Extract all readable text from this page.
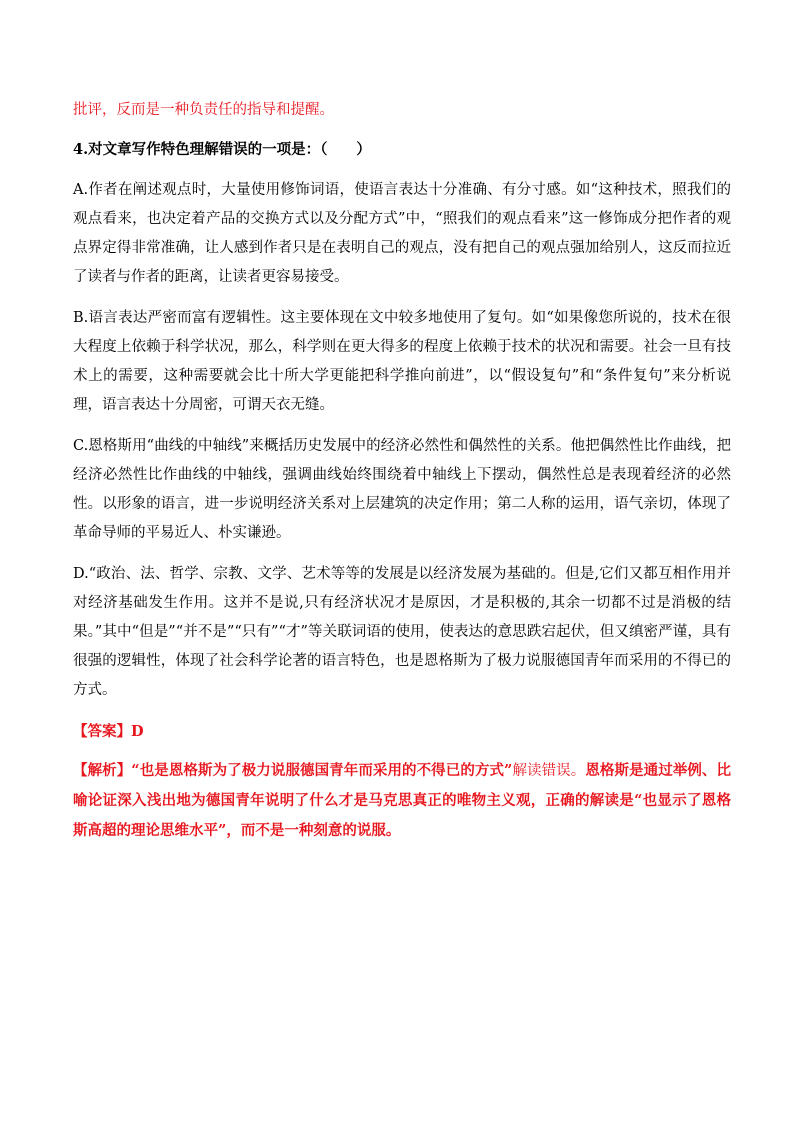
批评，反而是一种负责任的指导和提醒。

4.对文章写作特色理解错误的一项是：（　　）

A.作者在阐述观点时，大量使用修饰词语，使语言表达十分准确、有分寸感。如“这种技术，照我们的观点看来，也决定着产品的交换方式以及分配方式”中，“照我们的观点看来”这一修饰成分把作者的观点界定得非常准确，让人感到作者只是在表明自己的观点，没有把自己的观点强加给别人，这反而拉近了读者与作者的距离，让读者更容易接受。

B.语言表达严密而富有逻辑性。这主要体现在文中较多地使用了复句。如“如果像您所说的，技术在很大程度上依赖于科学状况，那么，科学则在更大得多的程度上依赖于技术的状况和需要。社会一旦有技术上的需要，这种需要就会比十所大学更能把科学推向前进”，以“假设复句”和“条件复句”来分析说理，语言表达十分周密，可谓天衣无缝。

C.恩格斯用“曲线的中轴线”来概括历史发展中的经济必然性和偶然性的关系。他把偶然性比作曲线，把经济必然性比作曲线的中轴线，强调曲线始终围绕着中轴线上下摆动，偶然性总是表现着经济的必然性。以形象的语言，进一步说明经济关系对上层建筑的决定作用；第二人称的运用，语气亲切，体现了革命导师的平易近人、朴实谦逊。

D.“政治、法、哲学、宗教、文学、艺术等等的发展是以经济发展为基础的。但是,它们又都互相作用并对经济基础发生作用。这并不是说,只有经济状况才是原因，才是积极的,其余一切都不过是消极的结果。”其中“但是”“并不是”“只有”“才”等关联词语的使用，使表达的意思跌宕起伏，但又缜密严谨，具有很强的逻辑性，体现了社会科学论著的语言特色，也是恩格斯为了极力说服德国青年而采用的不得已的方式。

【答案】D

【解析】“也是恩格斯为了极力说服德国青年而采用的不得已的方式”解读错误。恩格斯是通过举例、比喻论证深入浅出地为德国青年说明了什么才是马克思真正的唯物主义观，正确的解读是“也显示了恩格斯高超的理论思维水平”，而不是一种刻意的说服。
